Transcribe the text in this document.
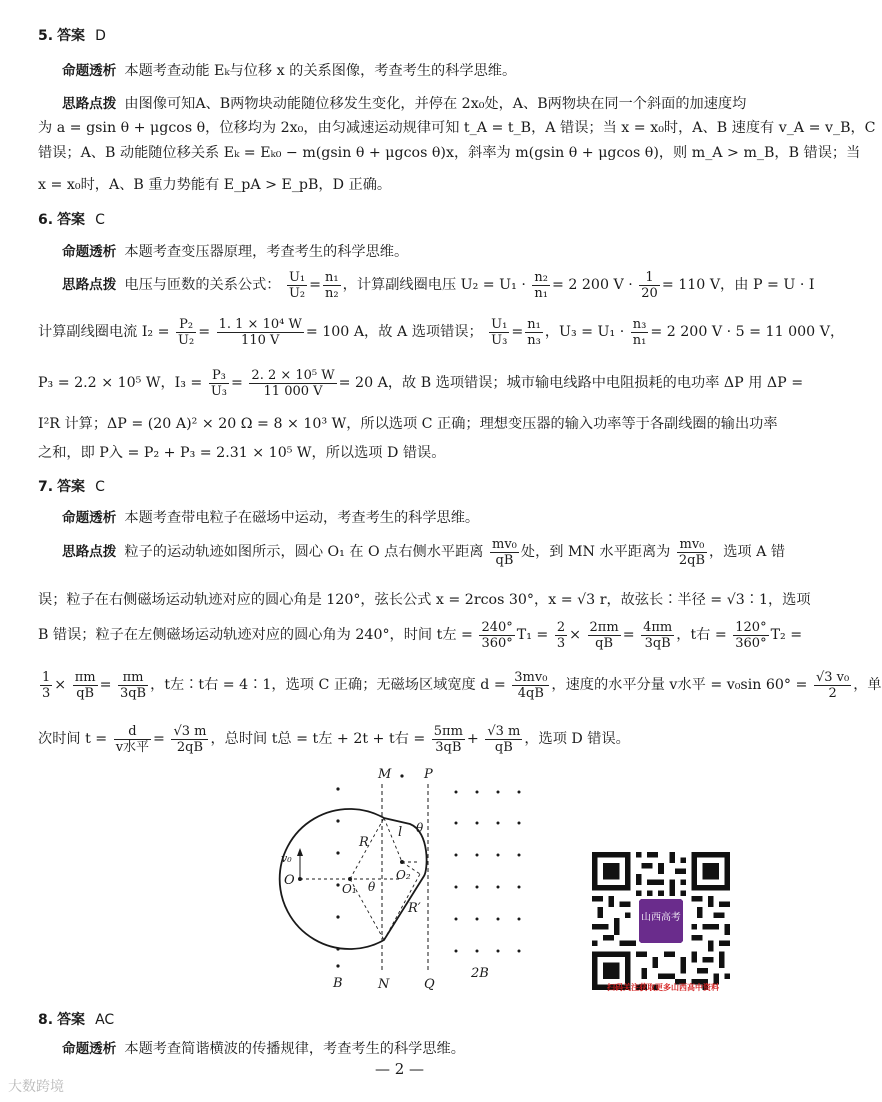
5. 答案 D
命题透析 本题考查动能 Eₖ与位移 x 的关系图像，考查考生的科学思维。
思路点拨 由图像可知A、B两物块动能随位移发生变化，并停在 2x₀处，A、B两物块在同一个斜面的加速度均
为 a = gsin θ + μgcos θ，位移均为 2x₀，由匀减速运动规律可知 t_A = t_B，A 错误；当 x = x₀时，A、B 速度有 v_A = v_B，C
错误；A、B 动能随位移关系 Eₖ = Eₖ₀ − m(gsin θ + μgcos θ)x，斜率为 m(gsin θ + μgcos θ)，则 m_A > m_B，B 错误；当
x = x₀时，A、B 重力势能有 E_pA > E_pB，D 正确。
6. 答案 C
命题透析 本题考查变压器原理，考查考生的科学思维。
思路点拨 电压与匝数的关系公式： $\frac{\text{U₁}}{\text{U₂}} = \frac{\text{n₁}}{\text{n₂}}$ ，计算副线圈电压 $U_2 = U_1 \cdot \frac{\text{n₂}}{\text{n₁}} = 2$ 200 $V \cdot \frac{1}{20} = 110$ V，由 P = U · I
计算副线圈电流 $I_2 = \frac{\text{P₂}}{\text{U₂}} = \frac{\text{1. 1 × 10⁴ W}}{110 V} = 100$ A，故 A 选项错误； $\frac{\text{U₁}}{\text{U₃}} = \frac{\text{n₁}}{\text{n₃}}$ ，$U_3 = U_1 \cdot \frac{\text{n₃}}{\text{n₁}} = 2$ 200 V · 5 = 11 000 V，
P₃ = 2.2 × 10⁵ W，$I_3 = \frac{\text{P₃}}{\text{U₃}} = \frac{\text{2. 2 × 10⁵ W}}{11 000 V} = 20$ A，故 B 选项错误；城市输电线路中电阻损耗的电功率 ΔP 用 ΔP =
I²R 计算；ΔP = (20 A)² × 20 Ω = 8 × 10³ W，所以选项 C 正确；理想变压器的输入功率等于各副线圈的输出功率
之和，即 P入 = P₂ + P₃ = 2.31 × 10⁵ W，所以选项 D 错误。
7. 答案 C
命题透析 本题考查带电粒子在磁场中运动，考查考生的科学思维。
思路点拨 粒子的运动轨迹如图所示，圆心 O₁ 在 O 点右侧水平距离 $\frac{\text{mv₀}}{qB}$ 处，到 MN 水平距离为 $\frac{\text{mv₀}}{2qB}$ ，选项 A 错
误；粒子在右侧磁场运动轨迹对应的圆心角是 120°，弦长公式 x = 2rcos 30°，x = √3 r，故弦长∶半径 = √3∶1，选项
B 错误；粒子在左侧磁场运动轨迹对应的圆心角为 240°，时间 t左 = $\frac{240^\circ}{360^\circ} T_1 = \frac{2}{3} \times \frac{2\pi m}{qB} = \frac{4\pi m}{3qB}$ ，t右 = $\frac{120^\circ}{360^\circ} T_2$ =
$\frac{1}{3} \times \frac{\pi m}{qB} = \frac{\pi m}{3qB}$ ，t左∶t右 = 4∶1，选项 C 正确；无磁场区域宽度 $d = \frac{\text{3mv₀}}{4qB}$ ，速度的水平分量 v水平 = v₀sin $60^\circ = \frac{\text{√3 v₀}}{2}$ ，单
次时间 $t = \frac{d}{\text{v水平}} = \frac{√3 m}{2qB}$ ，总时间 t总 = t左 + 2t + t右 = $\frac{5\pi m}{3qB} + \frac{√3 m}{qB}$ ，选项 D 错误。
M	P
N	Q
B
2B
O
O₁
O₂
R
R′
l θ
θ
v₀
山西高考
扫码关注获取更多山西高中资料
8. 答案 AC
命题透析 本题考查简谐横波的传播规律，考查考生的科学思维。
— 2 —
大数跨境
